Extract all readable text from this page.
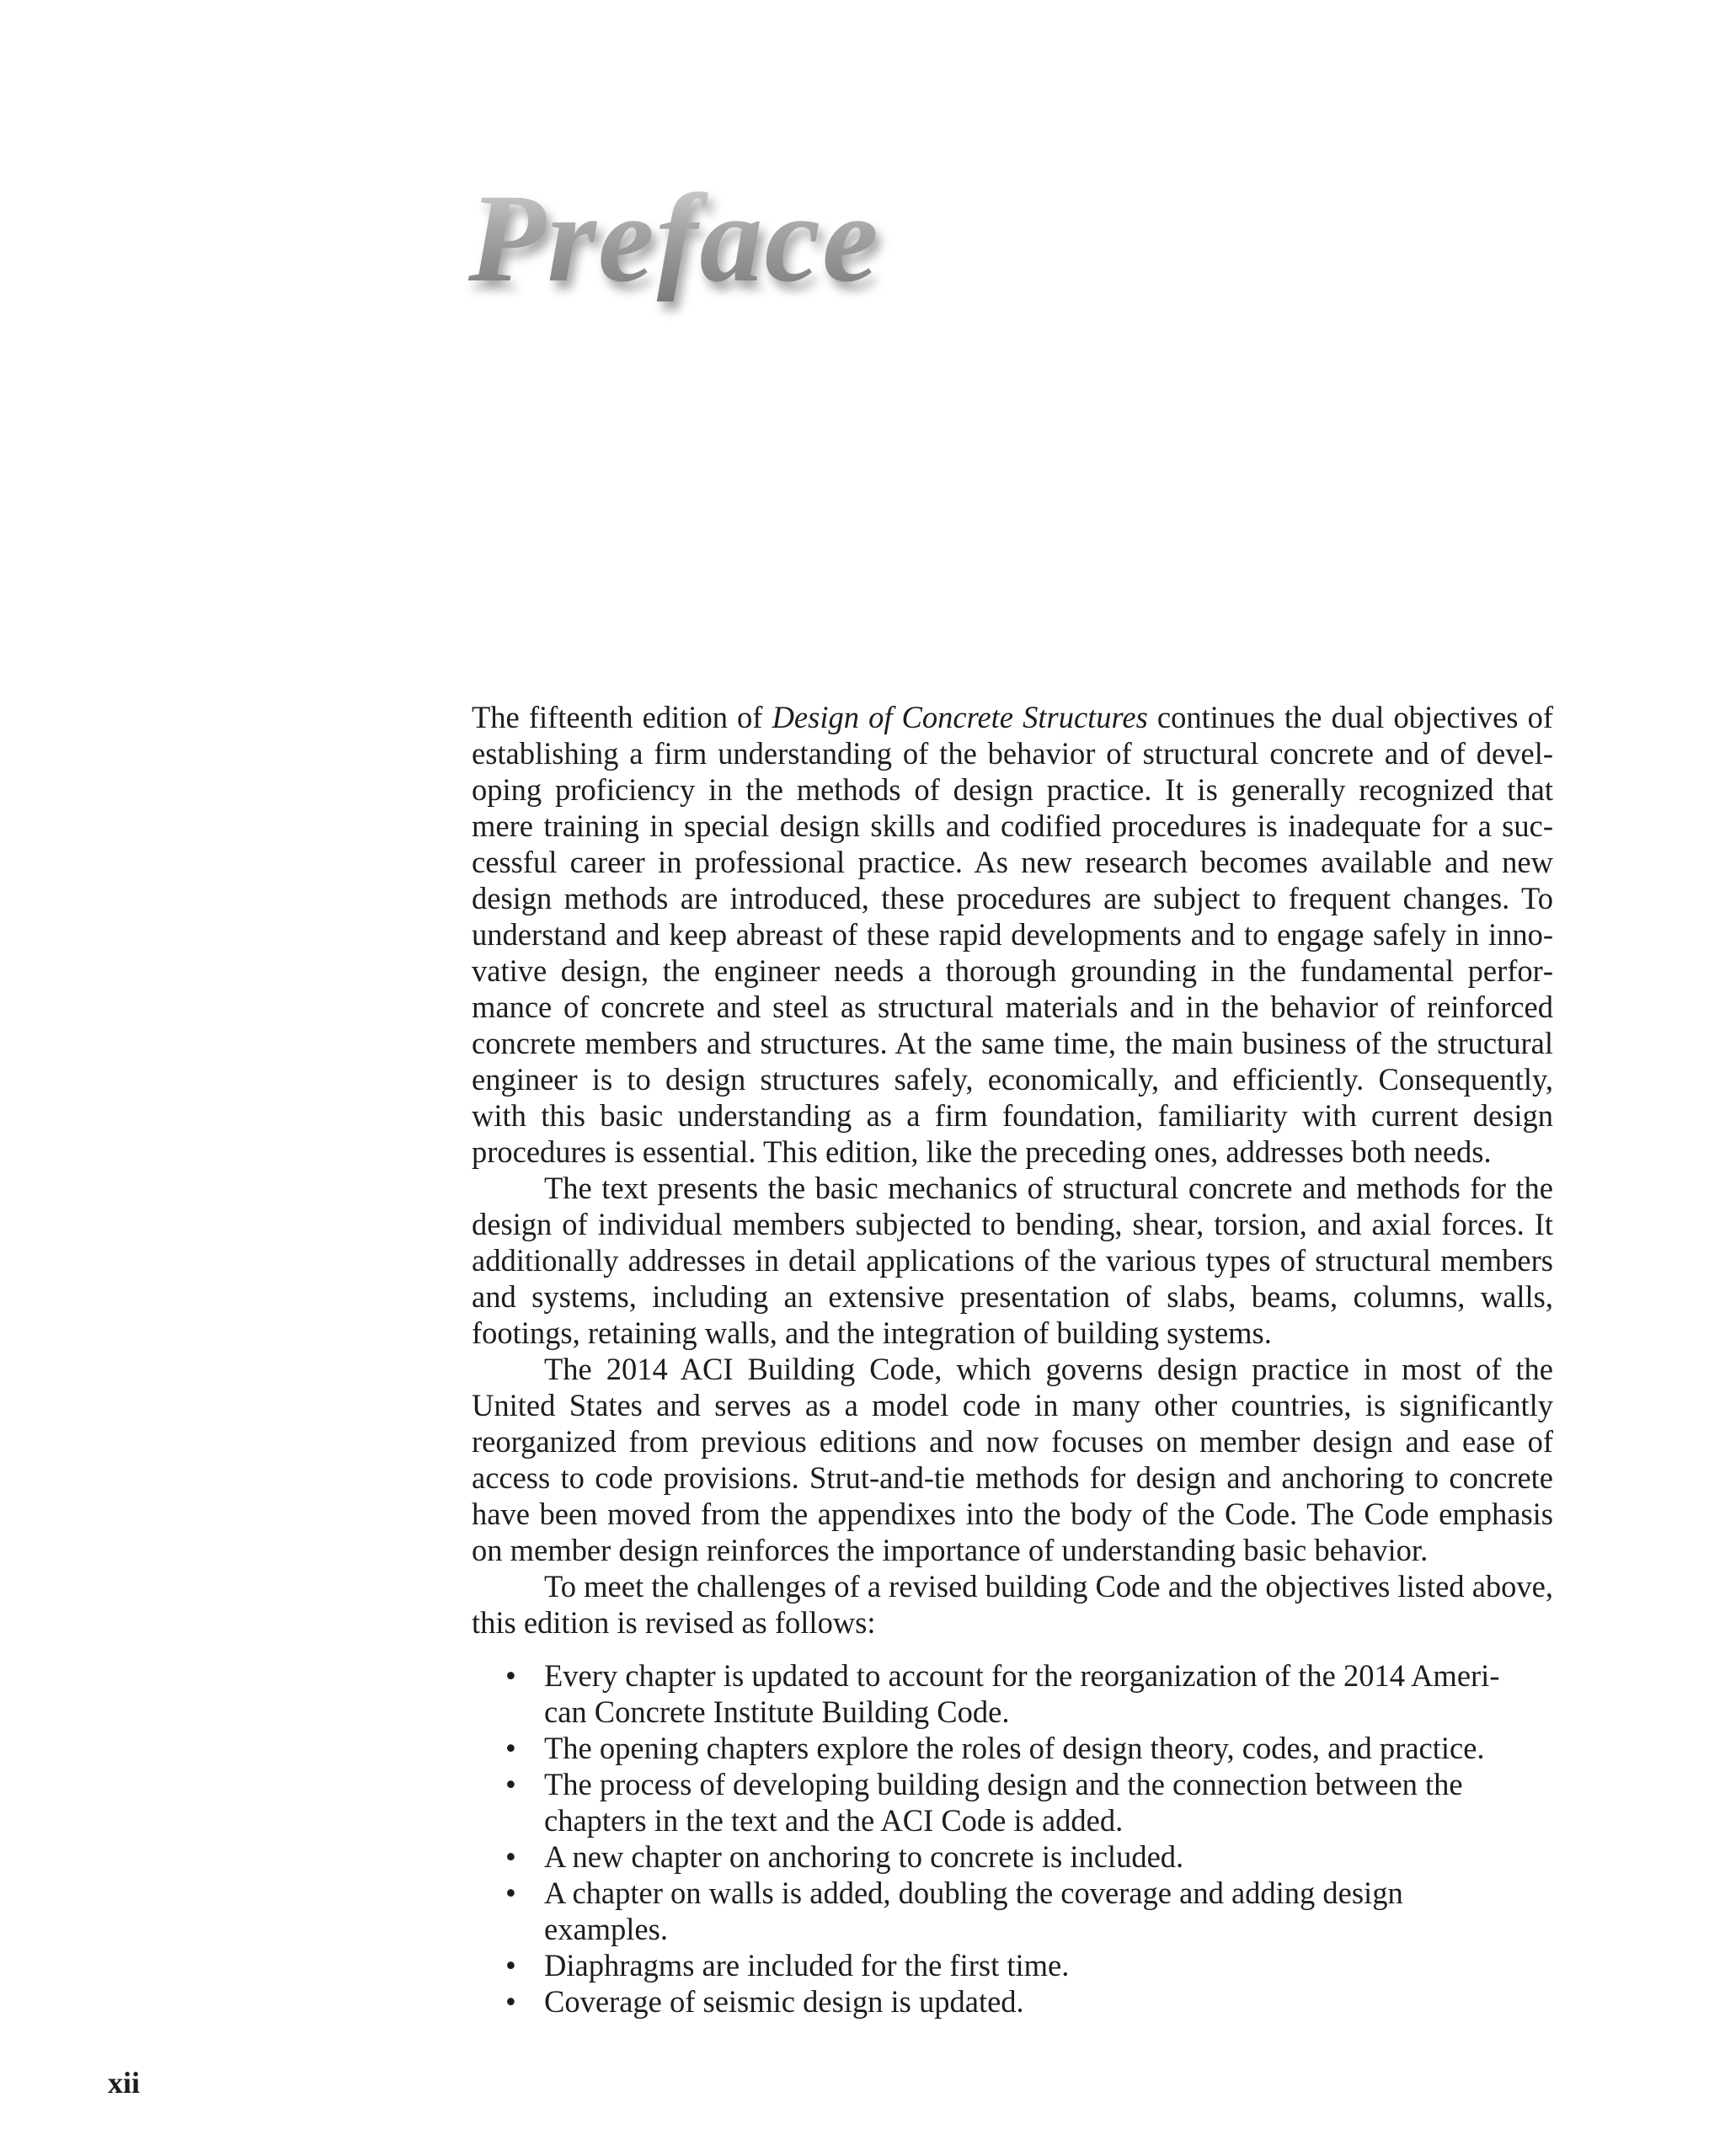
Preface

The fifteenth edition of Design of Concrete Structures continues the dual objectives of establishing a firm understanding of the behavior of structural concrete and of developing proficiency in the methods of design practice. It is generally recognized that mere training in special design skills and codified procedures is inadequate for a successful career in professional practice. As new research becomes available and new design methods are introduced, these procedures are subject to frequent changes. To understand and keep abreast of these rapid developments and to engage safely in innovative design, the engineer needs a thorough grounding in the fundamental performance of concrete and steel as structural materials and in the behavior of reinforced concrete members and structures. At the same time, the main business of the structural engineer is to design structures safely, economically, and efficiently. Consequently, with this basic understanding as a firm foundation, familiarity with current design procedures is essential. This edition, like the preceding ones, addresses both needs.

The text presents the basic mechanics of structural concrete and methods for the design of individual members subjected to bending, shear, torsion, and axial forces. It additionally addresses in detail applications of the various types of structural members and systems, including an extensive presentation of slabs, beams, columns, walls, footings, retaining walls, and the integration of building systems.

The 2014 ACI Building Code, which governs design practice in most of the United States and serves as a model code in many other countries, is significantly reorganized from previous editions and now focuses on member design and ease of access to code provisions. Strut-and-tie methods for design and anchoring to concrete have been moved from the appendixes into the body of the Code. The Code emphasis on member design reinforces the importance of understanding basic behavior.

To meet the challenges of a revised building Code and the objectives listed above, this edition is revised as follows:

• Every chapter is updated to account for the reorganization of the 2014 American Concrete Institute Building Code.
• The opening chapters explore the roles of design theory, codes, and practice.
• The process of developing building design and the connection between the chapters in the text and the ACI Code is added.
• A new chapter on anchoring to concrete is included.
• A chapter on walls is added, doubling the coverage and adding design examples.
• Diaphragms are included for the first time.
• Coverage of seismic design is updated.
xii
